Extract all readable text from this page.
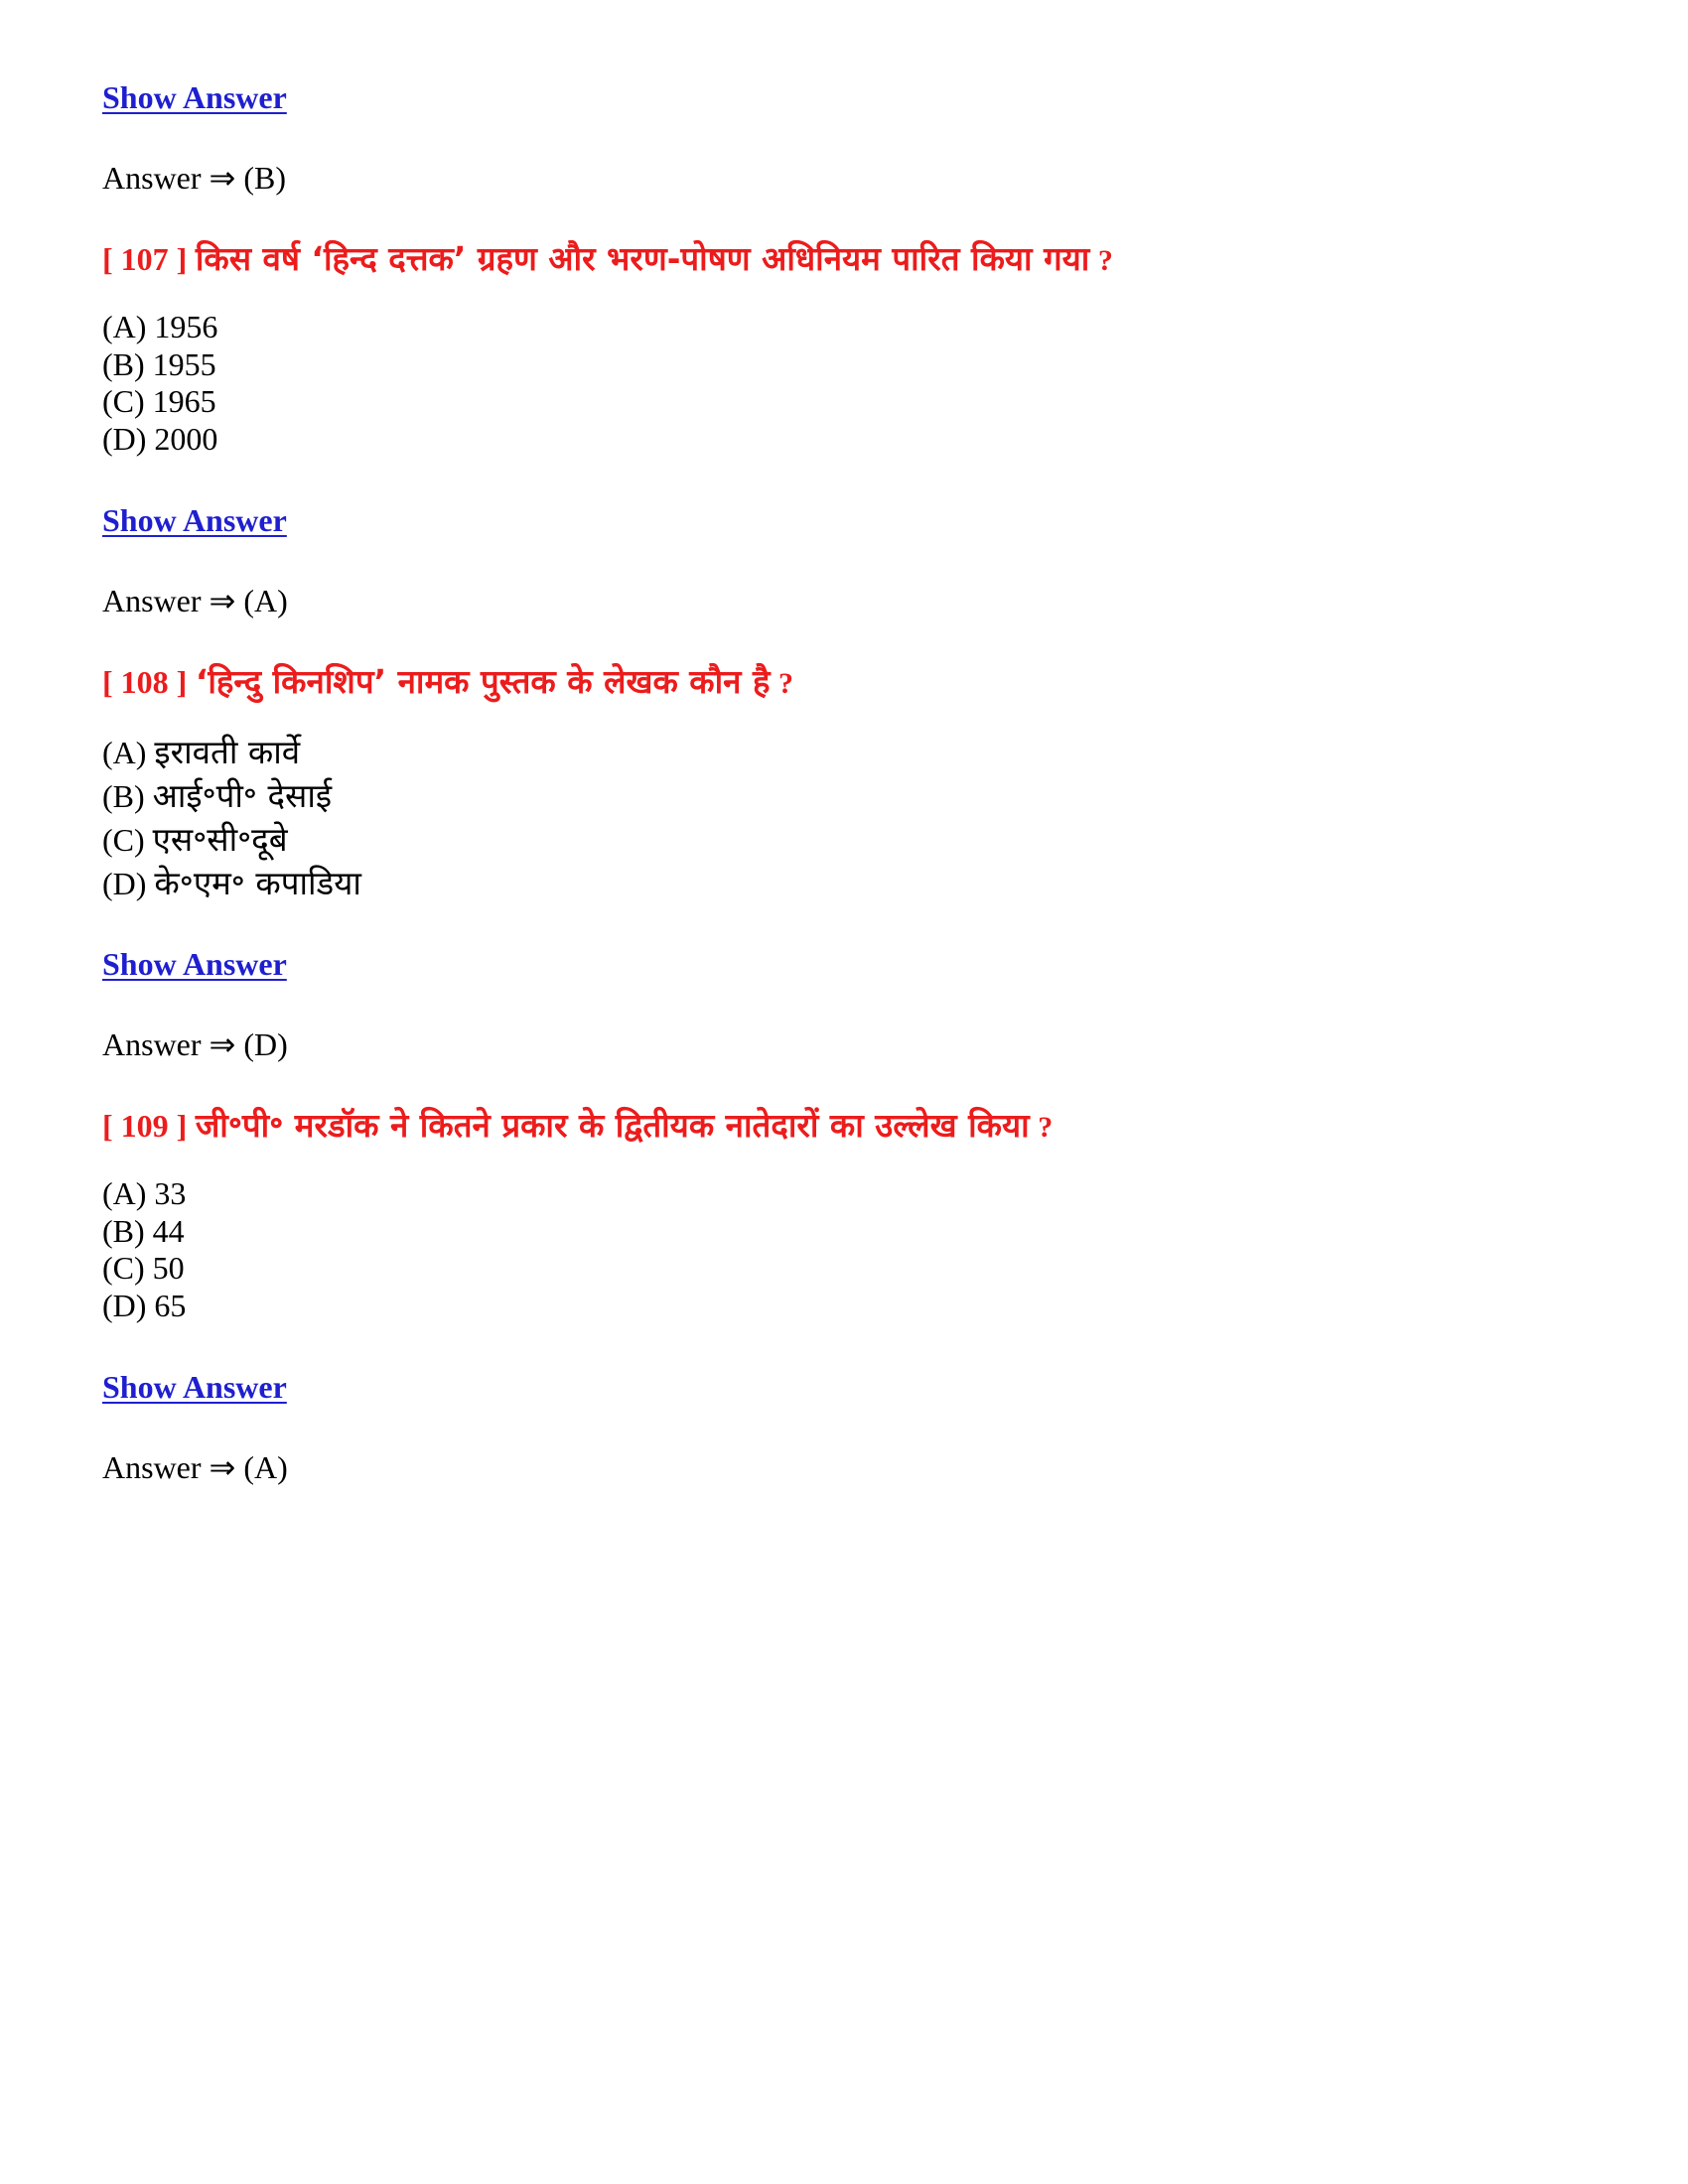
Show Answer
Answer ⇒ (B)
[ 107 ] किस वर्ष ‘हिन्द दत्तक’ ग्रहण और भरण-पोषण अधिनियम पारित किया गया ?
(A) 1956
(B) 1955
(C) 1965
(D) 2000
Show Answer
Answer ⇒ (A)
[ 108 ] ‘हिन्दु किनशिप’ नामक पुस्तक के लेखक कौन है ?
(A) इरावती कार्वे
(B) आई॰पी॰ देसाई
(C) एस॰सी॰दूबे
(D) के॰एम॰ कपाडिया
Show Answer
Answer ⇒ (D)
[ 109 ] जी॰पी॰ मरडॉक ने कितने प्रकार के द्वितीयक नातेदारों का उल्लेख किया ?
(A) 33
(B) 44
(C) 50
(D) 65
Show Answer
Answer ⇒ (A)
